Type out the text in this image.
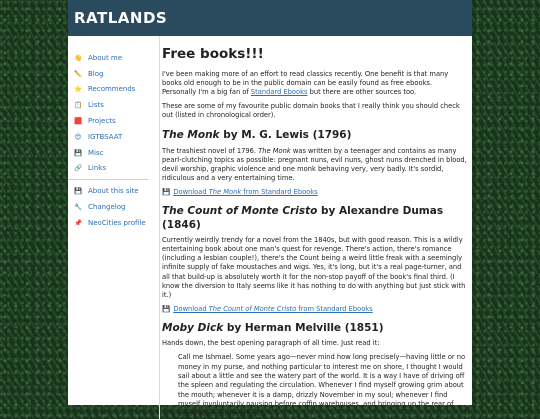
RATLANDS
👋 About me
✏️ Blog
⭐ Recommends
📋 Lists
🟥 Projects
😍 IGTBSAAT
💾 Misc
🔗 Links
💾 About this site
🔧 Changelog
📌 NeoCities profile
Free books!!!

I've been making more of an effort to read classics recently. One benefit is that many books old enough to be in the public domain can be easily found as free ebooks. Personally I'm a big fan of Standard Ebooks but there are other sources too.

These are some of my favourite public domain books that I really think you should check out (listed in chronological order).

The Monk by M. G. Lewis (1796)

The trashiest novel of 1796. The Monk was written by a teenager and contains as many pearl-clutching topics as possible: pregnant nuns, evil nuns, ghost nuns drenched in blood, devil worship, graphic violence and one monk behaving very, very badly. It's sordid, ridiculous and a very entertaining time.

💾 Download The Monk from Standard Ebooks
The Count of Monte Cristo by Alexandre Dumas (1846)

Currently weirdly trendy for a novel from the 1840s, but with good reason. This is a wildly entertaining book about one man's quest for revenge. There's action, there's romance (including a lesbian couple!), there's the Count being a weird little freak with a seemingly infinite supply of fake moustaches and wigs. Yes, it's long, but it's a real page-turner, and all that build-up is absolutely worth it for the non-stop payoff of the book's final third. (I know the diversion to Italy seems like it has nothing to do with anything but just stick with it.)

💾 Download The Count of Monte Cristo from Standard Ebooks
Moby Dick by Herman Melville (1851)

Hands down, the best opening paragraph of all time. Just read it:

Call me Ishmael. Some years ago—never mind how long precisely—having little or no money in my purse, and nothing particular to interest me on shore, I thought I would sail about a little and see the watery part of the world. It is a way I have of driving off the spleen and regulating the circulation. Whenever I find myself growing grim about the mouth; whenever it is a damp, drizzly November in my soul; whenever I find myself involuntarily pausing before coffin warehouses, and bringing up the rear of every funeral I meet; and
